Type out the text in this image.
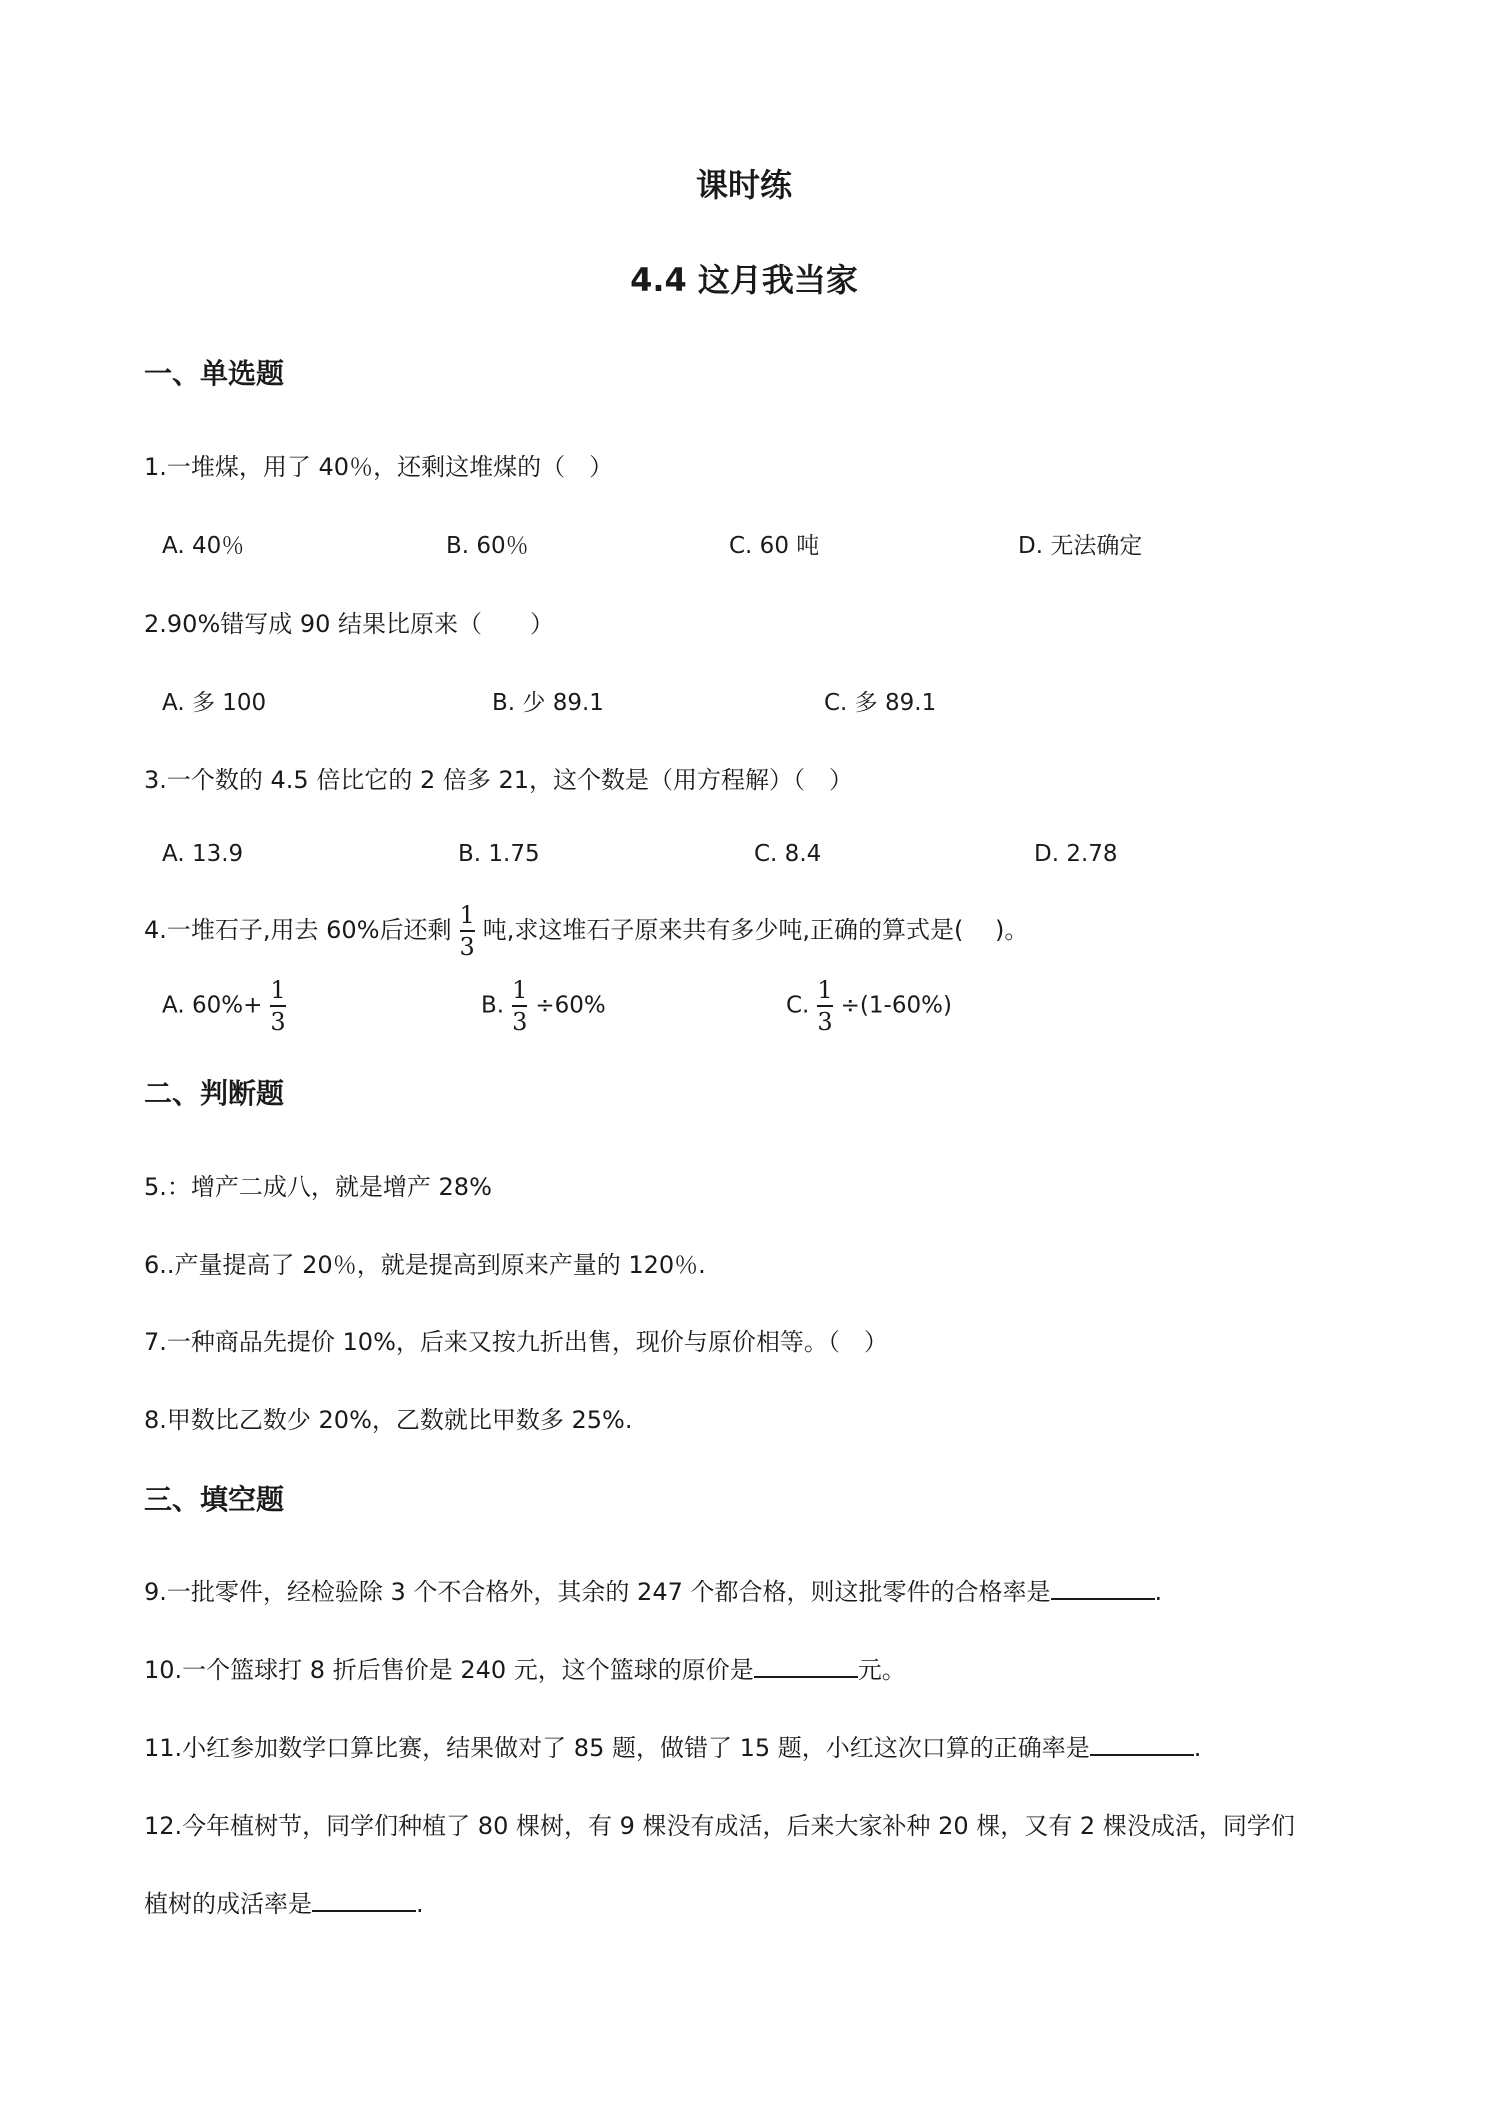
课时练
4.4 这月我当家
一、单选题
1.一堆煤，用了 40％，还剩这堆煤的（　）
A. 40％	B. 60％	C. 60 吨	D. 无法确定
2.90%错写成 90 结果比原来（　　）
A. 多 100	B. 少 89.1	C. 多 89.1
3.一个数的 4.5 倍比它的 2 倍多 21，这个数是（用方程解）（　）
A. 13.9	B. 1.75	C. 8.4	D. 2.78
4.一堆石子,用去 60%后还剩 $\frac{1}{3}$ 吨,求这堆石子原来共有多少吨,正确的算式是(　 )。
A. $60\%+ \frac{1}{3}$	B. $\frac{1}{3} \div 60\%$	C. $\frac{1}{3} \div(1-60\%)$
二、判断题
5.：增产二成八，就是增产 28%
6..产量提高了 20％，就是提高到原来产量的 120％.
7.一种商品先提价 10%，后来又按九折出售，现价与原价相等。（　）
8.甲数比乙数少 20%，乙数就比甲数多 25%.
三、填空题
9.一批零件，经检验除 3 个不合格外，其余的 247 个都合格，则这批零件的合格率是	.
10.一个篮球打 8 折后售价是 240 元，这个篮球的原价是	元。
11.小红参加数学口算比赛，结果做对了 85 题，做错了 15 题，小红这次口算的正确率是	.
12.今年植树节，同学们种植了 80 棵树，有 9 棵没有成活，后来大家补种 20 棵，又有 2 棵没成活，同学们
植树的成活率是	.
